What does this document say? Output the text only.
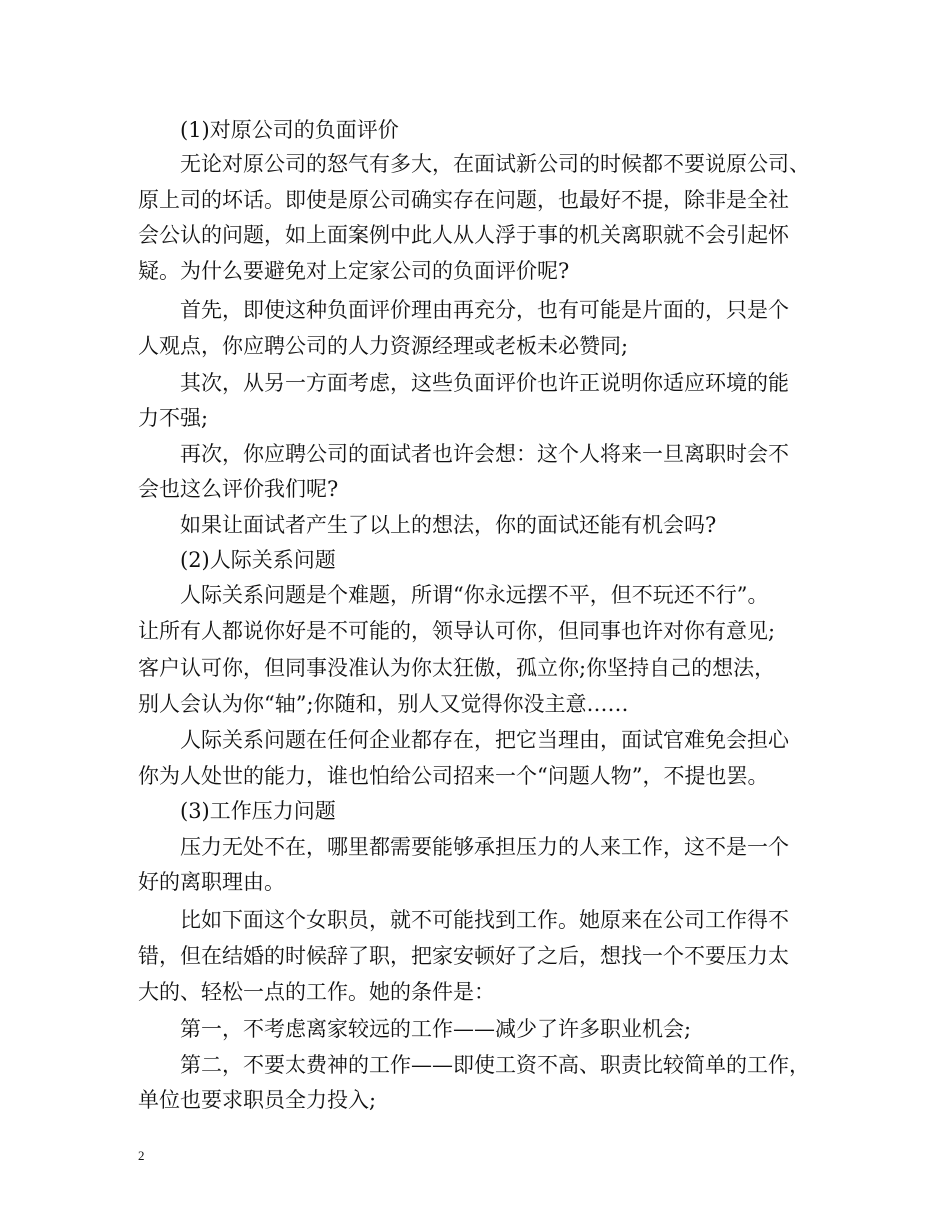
(1)对原公司的负面评价
无论对原公司的怒气有多大，在面试新公司的时候都不要说原公司、
原上司的坏话。即使是原公司确实存在问题，也最好不提，除非是全社
会公认的问题，如上面案例中此人从人浮于事的机关离职就不会引起怀
疑。为什么要避免对上定家公司的负面评价呢?
首先，即使这种负面评价理由再充分，也有可能是片面的，只是个
人观点，你应聘公司的人力资源经理或老板未必赞同;
其次，从另一方面考虑，这些负面评价也许正说明你适应环境的能
力不强;
再次，你应聘公司的面试者也许会想：这个人将来一旦离职时会不
会也这么评价我们呢?
如果让面试者产生了以上的想法，你的面试还能有机会吗?
(2)人际关系问题
人际关系问题是个难题，所谓“你永远摆不平，但不玩还不行”。
让所有人都说你好是不可能的，领导认可你，但同事也许对你有意见;
客户认可你，但同事没准认为你太狂傲，孤立你;你坚持自己的想法，
别人会认为你“轴”;你随和，别人又觉得你没主意……
人际关系问题在任何企业都存在，把它当理由，面试官难免会担心
你为人处世的能力，谁也怕给公司招来一个“问题人物”，不提也罢。
(3)工作压力问题
压力无处不在，哪里都需要能够承担压力的人来工作，这不是一个
好的离职理由。
比如下面这个女职员，就不可能找到工作。她原来在公司工作得不
错，但在结婚的时候辞了职，把家安顿好了之后，想找一个不要压力太
大的、轻松一点的工作。她的条件是：
第一，不考虑离家较远的工作——减少了许多职业机会;
第二，不要太费神的工作——即使工资不高、职责比较简单的工作，
单位也要求职员全力投入;
2
